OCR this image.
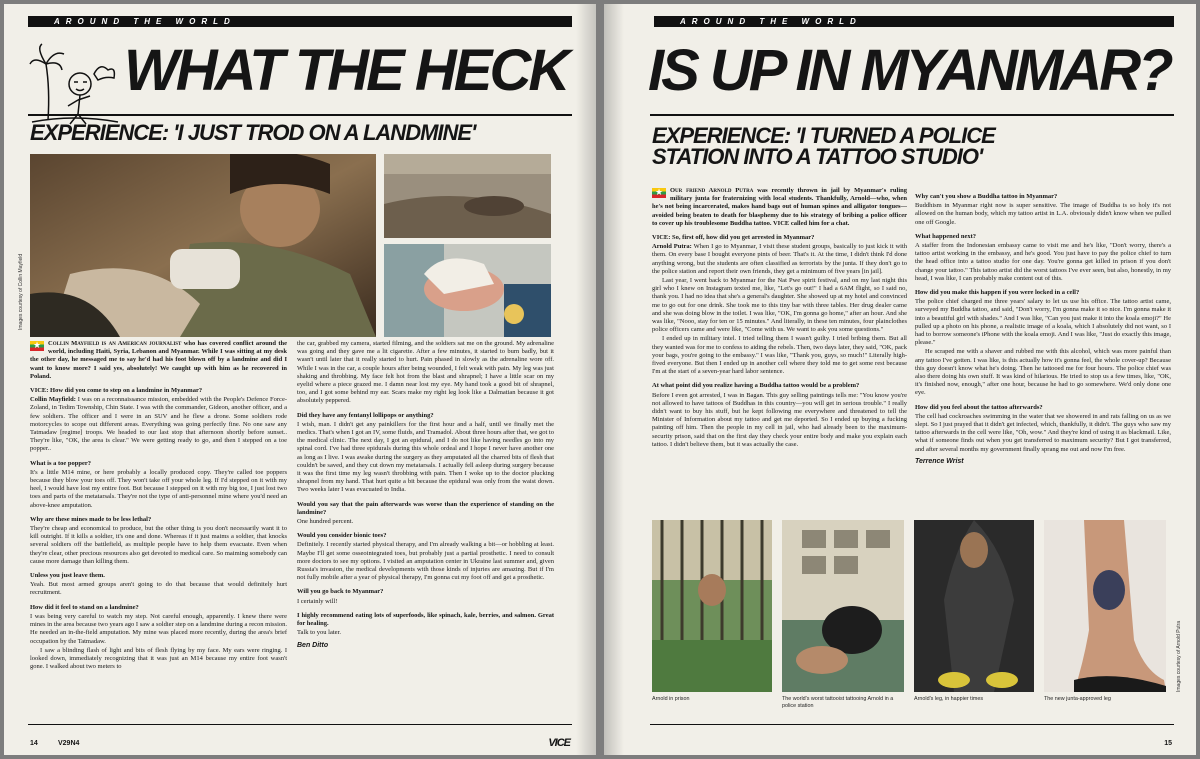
AROUND THE WORLD
WHAT THE HECK
EXPERIENCE: 'I JUST TROD ON A LANDMINE'
Images courtesy of Collin Mayfield

★ Collin Mayfield is an American journalist who has covered conflict around the world, including Haiti, Syria, Lebanon and Myanmar. While I was sitting at my desk the other day, he messaged me to say he'd had his foot blown off by a landmine and did I want to know more? I said yes, absolutely! We caught up with him as he recovered in Poland.

VICE: How did you come to step on a landmine in Myanmar?

Collin Mayfield: I was on a reconnaissance mission, embedded with the People's Defence Force-Zoland, in Tedim Township, Chin State. I was with the commander, Gideon, another officer, and a few soldiers. The officer and I were in an SUV and he flew a drone. Some soldiers rode motorcycles to scope out different areas. Everything was going perfectly fine. No one saw any Tatmadaw [regime] troops. We headed to our last stop that afternoon shortly before sunset.. They're like, "OK, the area is clear." We were getting ready to go, and then I stepped on a toe popper..

What is a toe popper?

It's a little M14 mine, or here probably a locally produced copy. They're called toe poppers because they blow your toes off. They won't take off your whole leg. If I'd stepped on it with my heel, I would have lost my entire foot. But because I stepped on it with my big toe, I just lost two toes and parts of the metatarsals. They're not the type of anti-personnel mine where you'd need an above-knee amputation.

Why are these mines made to be less lethal?

They're cheap and economical to produce, but the other thing is you don't necessarily want it to kill outright. If it kills a soldier, it's one and done. Whereas if it just maims a soldier, that knocks several soldiers off the battlefield, as multiple people have to help them evacuate. Even when they're clear, other precious resources also get devoted to medical care. So maiming somebody can cause more damage than killing them.

Unless you just leave them.

Yeah. But most armed groups aren't going to do that because that would definitely hurt recruitment.

How did it feel to stand on a landmine?

I was being very careful to watch my step. Not careful enough, apparently. I knew there were mines in the area because two years ago I saw a soldier step on a landmine during a recon mission. He needed an in-the-field amputation. My mine was placed more recently, during the area's brief occupation by the Tatmadaw.

I saw a blinding flash of light and bits of flesh flying by my face. My ears were ringing. I looked down, immediately recognizing that it was just an M14 because my entire foot wasn't gone. I walked about two meters to

the car, grabbed my camera, started filming, and the soldiers sat me on the ground. My adrenaline was going and they gave me a lit cigarette. After a few minutes, it started to burn badly, but it wasn't until later that it really started to hurt. Pain phased in slowly as the adrenaline wore off. While I was in the car, a couple hours after being wounded, I felt weak with pain. My leg was just shaking and throbbing. My face felt hot from the blast and shrapnel; I have a little scar on my eyelid where a piece grazed me. I damn near lost my eye. My hand took a good bit of shrapnel, too, and I got some behind my ear. Scars make my right leg look like a Dalmatian because it got absolutely peppered.

Did they have any fentanyl lollipops or anything?

I wish, man. I didn't get any painkillers for the first hour and a half, until we finally met the medics. That's when I got an IV, some fluids, and Tramadol. About three hours after that, we got to the medical clinic. The next day, I got an epidural, and I do not like having needles go into my spinal cord. I've had three epidurals during this whole ordeal and I hope I never have another one as long as I live. I was awake during the surgery as they amputated all the charred bits of flesh that couldn't be saved, and they cut down my metatarsals. I actually fell asleep during surgery because it was the first time my leg wasn't throbbing with pain. Then I woke up to the doctor plucking shrapnel from my hand. That hurt quite a bit because the epidural was only from the waist down. Two weeks later I was evacuated to India.

Would you say that the pain afterwards was worse than the experience of standing on the landmine?

One hundred percent.

Would you consider bionic toes?

Definitely. I recently started physical therapy, and I'm already walking a bit—or hobbling at least. Maybe I'll get some osseointegrated toes, but probably just a partial prosthetic. I need to consult more doctors to see my options. I visited an amputation center in Ukraine last summer and, given Russia's invasion, the medical developments with those kinds of injuries are amazing. But if I'm not fully mobile after a year of physical therapy, I'm gonna cut my foot off and get a prosthetic.

Will you go back to Myanmar?

I certainly will!

I highly recommend eating lots of superfoods, like spinach, kale, berries, and salmon. Great for healing.

Talk to you later.

Ben Ditto
14	V29N4	VICE
AROUND THE WORLD
IS UP IN MYANMAR?
EXPERIENCE: 'I TURNED A POLICE STATION INTO A TATTOO STUDIO'

★ Our friend Arnold Putra was recently thrown in jail by Myanmar's ruling military junta for fraternizing with local students. Thankfully, Arnold—who, when he's not being incarcerated, makes hand bags out of human spines and alligator tongues—avoided being beaten to death for blasphemy due to his strategy of bribing a police officer to cover up his troublesome Buddha tattoo. VICE called him for a chat.

VICE: So, first off, how did you get arrested in Myanmar?

Arnold Putra: When I go to Myanmar, I visit these student groups, basically to just kick it with them. On every base I bought everyone pints of beer. That's it. At the time, I didn't think I'd done anything wrong, but the students are often classified as terrorists by the junta. If they don't go to the police station and report their own friends, they get a minimum of five years [in jail].

Last year, I went back to Myanmar for the Nat Pwe spirit festival, and on my last night this girl who I knew on Instagram texted me, like, "Let's go out!" I had a 6AM flight, so I said no, thank you. I had no idea that she's a general's daughter. She showed up at my hotel and convinced me to go out for one drink. She took me to this tiny bar with three tables. Her drug dealer came and she was doing blow in the toilet. I was like, "OK, I'm gonna go home," after an hour. And she was like, "Nooo, stay for ten or 15 minutes." And literally, in these ten minutes, four plainclothes police officers came and were like, "Come with us. We want to ask you some questions."

I ended up in military intel. I tried telling them I wasn't guilty. I tried bribing them. But all they wanted was for me to confess to aiding the rebels. Then, two days later, they said, "OK, pack your bags, you're going to the embassy." I was like, "Thank you, guys, so much!" Literally high-fived everyone. But then I ended up in another cell where they told me to get some rest because I'm at the start of a seven-year hard labor sentence.

At what point did you realize having a Buddha tattoo would be a problem?

Before I even got arrested, I was in Bagan. This guy selling paintings tells me: "You know you're not allowed to have tattoos of Buddhas in this country—you will get in serious trouble." I really didn't want to buy his stuff, but he kept following me everywhere and threatened to tell the Minister of Information about my tattoo and get me deported. So I ended up buying a fucking painting off him. Then the people in my cell in jail, who had already been to the maximum-security prison, said that on the first day they check your entire body and make you explain each tattoo. I didn't believe them, but it was actually the case.

Why can't you show a Buddha tattoo in Myanmar?

Buddhism in Myanmar right now is super sensitive. The image of Buddha is so holy it's not allowed on the human body, which my tattoo artist in L.A. obviously didn't know when we pulled one off Google.

What happened next?

A staffer from the Indonesian embassy came to visit me and he's like, "Don't worry, there's a tattoo artist working in the embassy, and he's good. You just have to pay the police chief to turn the head office into a tattoo studio for one day. You're gonna get killed in prison if you don't change your tattoo." This tattoo artist did the worst tattoos I've ever seen, but also, honestly, in my head, I was like, I can probably make content out of this.

How did you make this happen if you were locked in a cell?

The police chief charged me three years' salary to let us use his office. The tattoo artist came, surveyed my Buddha tattoo, and said, "Don't worry, I'm gonna make it so nice. I'm gonna make it into a beautiful girl with shades." And I was like, "Can you just make it into the koala emoji?" He pulled up a photo on his phone, a realistic image of a koala, which I absolutely did not want, so I had to borrow someone's iPhone with the koala emoji. And I was like, "Just do exactly this image, please."

He scraped me with a shaver and rubbed me with this alcohol, which was more painful than any tattoo I've gotten. I was like, is this actually how it's gonna feel, the whole cover-up? Because this guy doesn't know what he's doing. Then he tattooed me for four hours. The police chief was also there doing his own stuff. It was kind of hilarious. He tried to stop us a few times, like, "OK, it's finished now, enough," after one hour, because he had to go somewhere. We'd only done one eye.

How did you feel about the tattoo afterwards?

The cell had cockroaches swimming in the water that we showered in and rats falling on us as we slept. So I just prayed that it didn't get infected, which, thankfully, it didn't. The guys who saw my tattoo afterwards in the cell were like, "Oh, wow." And they're kind of using it as blackmail. Like, what if someone finds out when you get transferred to maximum security? But I got transferred, and after several months my government finally sprang me out and now I'm free.

Terrence Wrist
Arnold in prison	The world's worst tattooist tattooing Arnold in a police station
Arnold's leg, in happier times	The new junta-approved leg
Images courtesy of Arnold Putra
15
